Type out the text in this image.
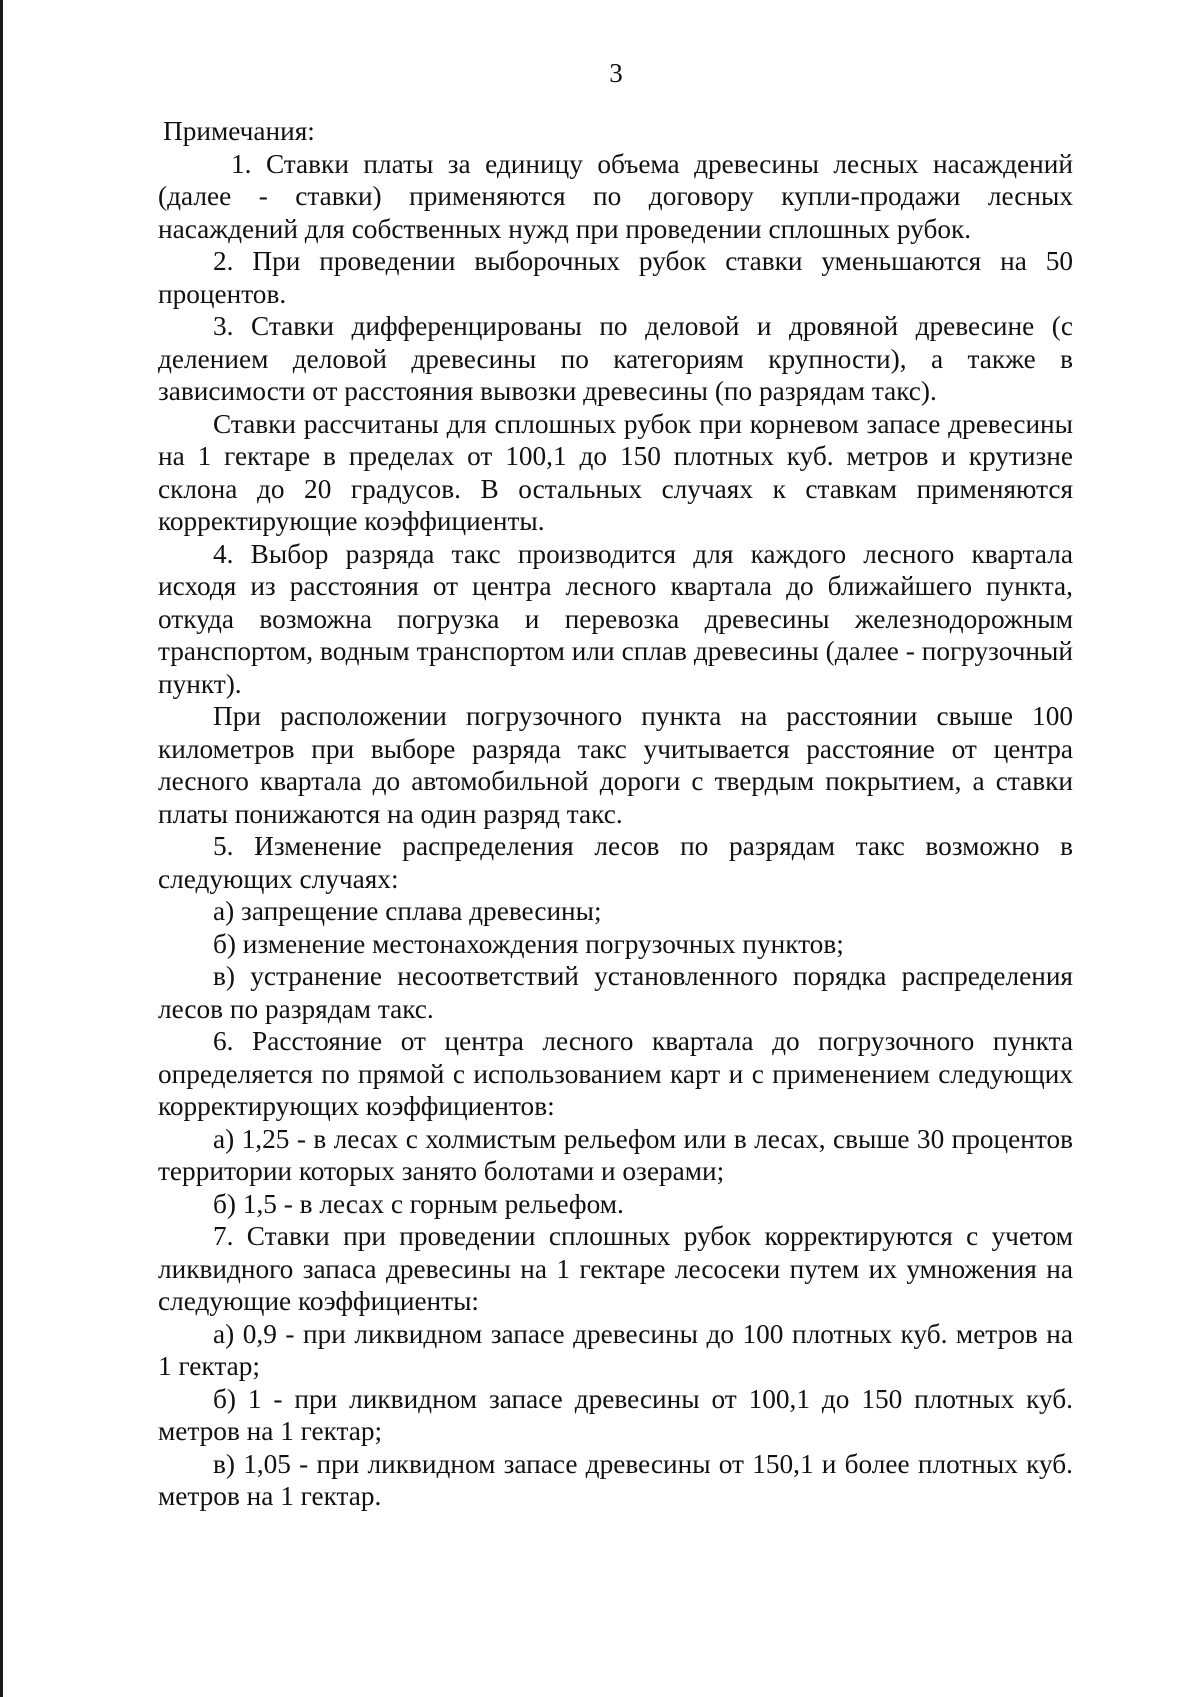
3

Примечания:

1. Ставки платы за единицу объема древесины лесных насаждений (далее - ставки) применяются по договору купли-продажи лесных насаждений для собственных нужд при проведении сплошных рубок.

2. При проведении выборочных рубок ставки уменьшаются на 50 процентов.

3. Ставки дифференцированы по деловой и дровяной древесине (с делением деловой древесины по категориям крупности), а также в зависимости от расстояния вывозки древесины (по разрядам такс).

Ставки рассчитаны для сплошных рубок при корневом запасе древесины на 1 гектаре в пределах от 100,1 до 150 плотных куб. метров и крутизне склона до 20 градусов. В остальных случаях к ставкам применяются корректирующие коэффициенты.

4. Выбор разряда такс производится для каждого лесного квартала исходя из расстояния от центра лесного квартала до ближайшего пункта, откуда возможна погрузка и перевозка древесины железнодорожным транспортом, водным транспортом или сплав древесины (далее - погрузочный пункт).

При расположении погрузочного пункта на расстоянии свыше 100 километров при выборе разряда такс учитывается расстояние от центра лесного квартала до автомобильной дороги с твердым покрытием, а ставки платы понижаются на один разряд такс.

5. Изменение распределения лесов по разрядам такс возможно в следующих случаях:

а) запрещение сплава древесины;

б) изменение местонахождения погрузочных пунктов;

в) устранение несоответствий установленного порядка распределения лесов по разрядам такс.

6. Расстояние от центра лесного квартала до погрузочного пункта определяется по прямой с использованием карт и с применением следующих корректирующих коэффициентов:

а) 1,25 - в лесах с холмистым рельефом или в лесах, свыше 30 процентов территории которых занято болотами и озерами;

б) 1,5 - в лесах с горным рельефом.

7. Ставки при проведении сплошных рубок корректируются с учетом ликвидного запаса древесины на 1 гектаре лесосеки путем их умножения на следующие коэффициенты:

а) 0,9 - при ликвидном запасе древесины до 100 плотных куб. метров на 1 гектар;

б) 1 - при ликвидном запасе древесины от 100,1 до 150 плотных куб. метров на 1 гектар;

в) 1,05 - при ликвидном запасе древесины от 150,1 и более плотных куб. метров на 1 гектар.
